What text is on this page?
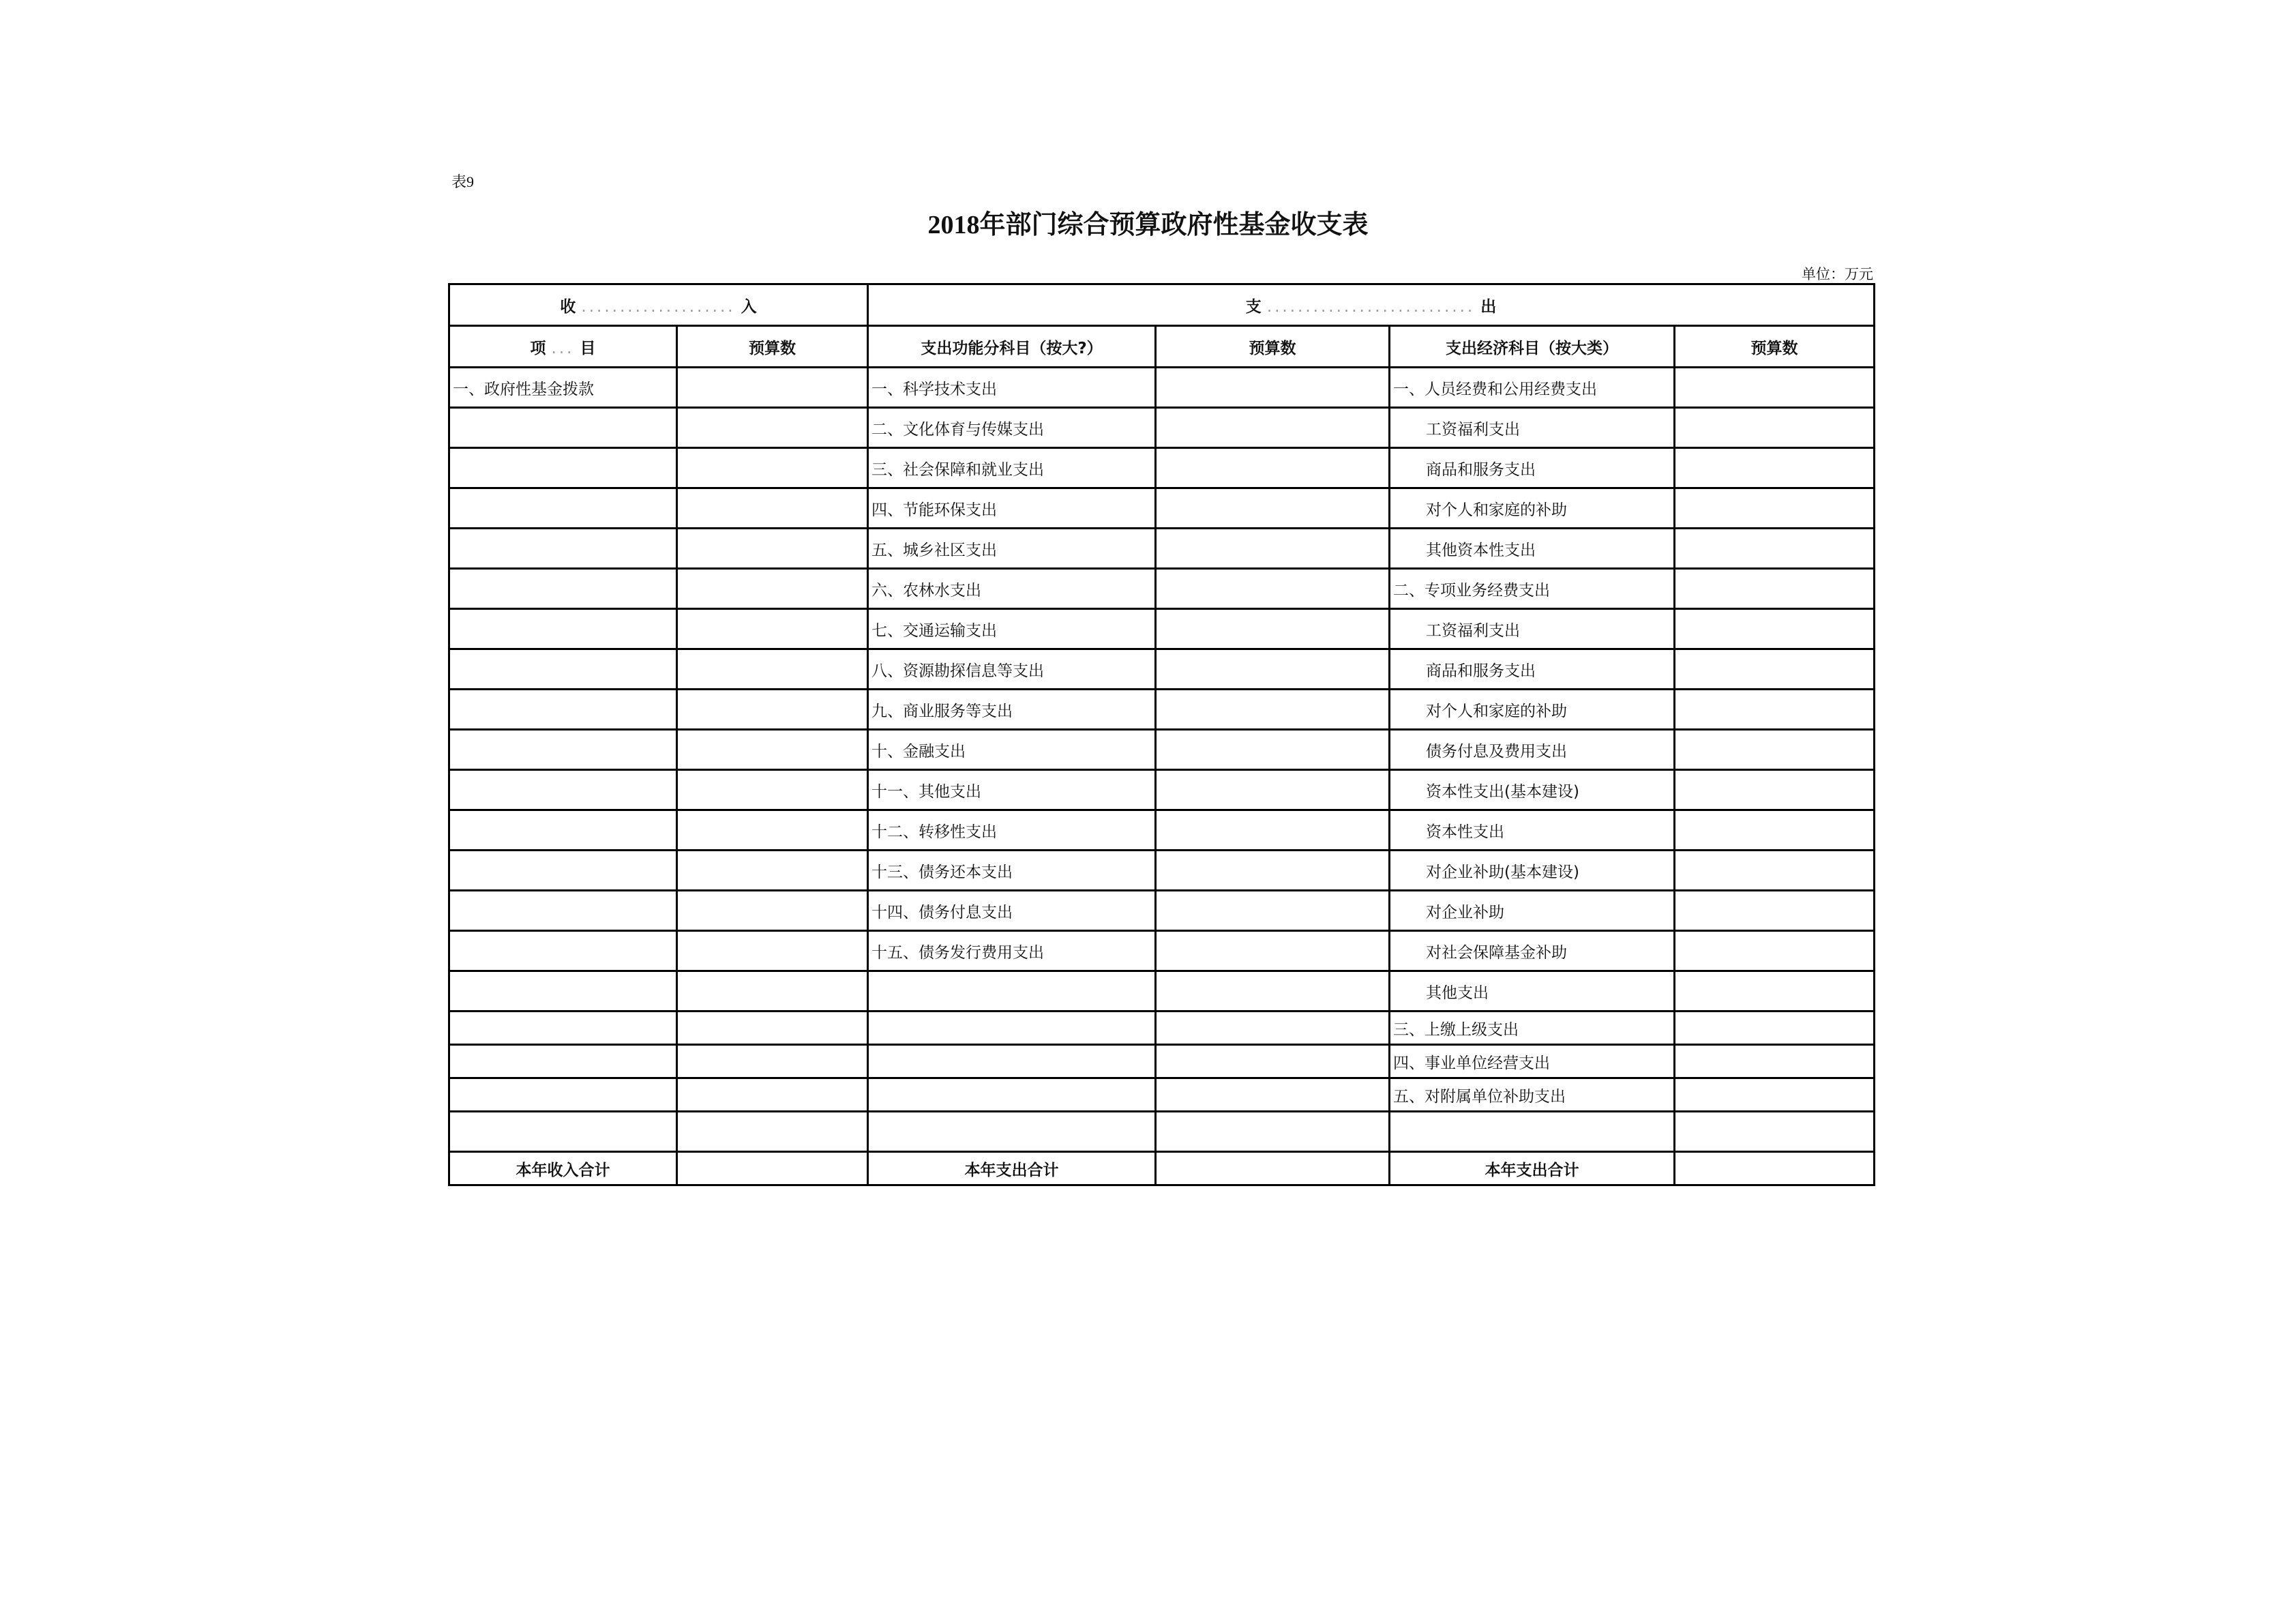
表9
2018年部门综合预算政府性基金收支表
单位：万元
收 .................... 入		支 ........................... 出			
项 ... 目	预算数	支出功能分科目（按大?）	预算数	支出经济科目（按大类）	预算数
一、政府性基金拨款		一、科学技术支出		一、人员经费和公用经费支出	
		二、文化体育与传媒支出		工资福利支出	
		三、社会保障和就业支出		商品和服务支出	
		四、节能环保支出		对个人和家庭的补助	
		五、城乡社区支出		其他资本性支出	
		六、农林水支出		二、专项业务经费支出	
		七、交通运输支出		工资福利支出	
		八、资源勘探信息等支出		商品和服务支出	
		九、商业服务等支出		对个人和家庭的补助	
		十、金融支出		债务付息及费用支出	
		十一、其他支出		资本性支出(基本建设)	
		十二、转移性支出		资本性支出	
		十三、债务还本支出		对企业补助(基本建设)	
		十四、债务付息支出		对企业补助	
		十五、债务发行费用支出		对社会保障基金补助	
				其他支出	
				三、上缴上级支出	
				四、事业单位经营支出	
				五、对附属单位补助支出	

本年收入合计		本年支出合计		本年支出合计	
